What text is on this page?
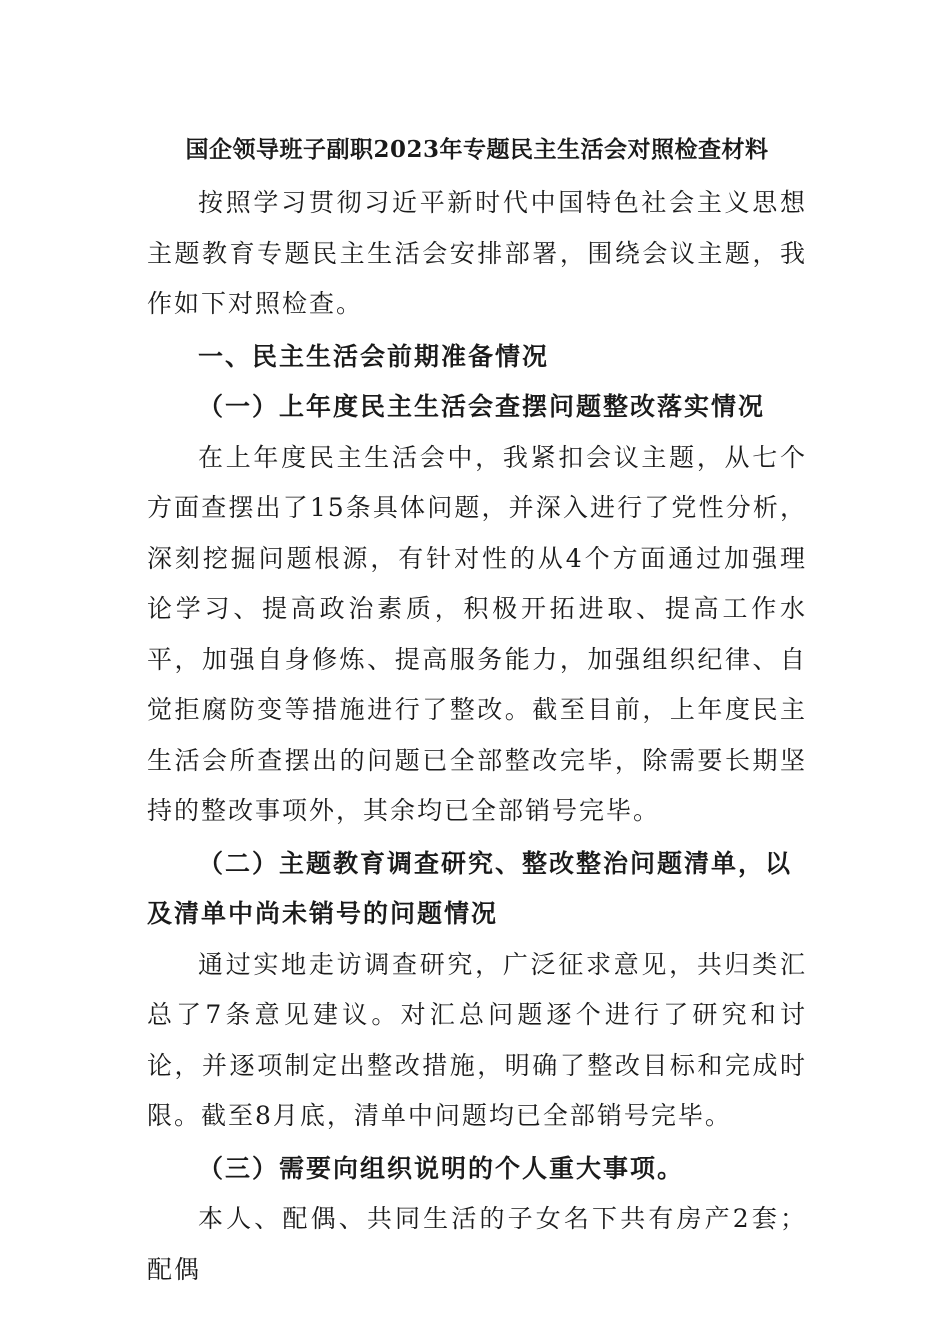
国企领导班子副职2023年专题民主生活会对照检查材料

按照学习贯彻习近平新时代中国特色社会主义思想主题教育专题民主生活会安排部署，围绕会议主题，我作如下对照检查。

一、民主生活会前期准备情况

（一）上年度民主生活会查摆问题整改落实情况

在上年度民主生活会中，我紧扣会议主题，从七个方面查摆出了15条具体问题，并深入进行了党性分析，深刻挖掘问题根源，有针对性的从4个方面通过加强理论学习、提高政治素质，积极开拓进取、提高工作水平，加强自身修炼、提高服务能力，加强组织纪律、自觉拒腐防变等措施进行了整改。截至目前，上年度民主生活会所查摆出的问题已全部整改完毕，除需要长期坚持的整改事项外，其余均已全部销号完毕。

（二）主题教育调查研究、整改整治问题清单，以及清单中尚未销号的问题情况

通过实地走访调查研究，广泛征求意见，共归类汇总了7条意见建议。对汇总问题逐个进行了研究和讨论，并逐项制定出整改措施，明确了整改目标和完成时限。截至8月底，清单中问题均已全部销号完毕。

（三）需要向组织说明的个人重大事项。

本人、配偶、共同生活的子女名下共有房产2套；配偶
